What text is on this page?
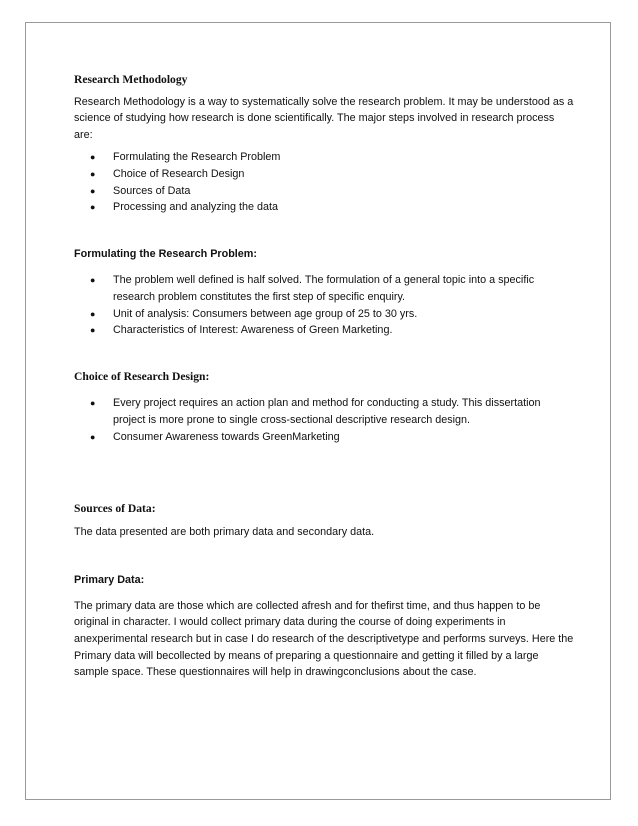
Research Methodology

Research Methodology is a way to systematically solve the research problem. It may be understood as a science of studying how research is done scientifically. The major steps involved in research process are:

● Formulating the Research Problem
● Choice of Research Design
● Sources of Data
● Processing and analyzing the data

Formulating the Research Problem:

● The problem well defined is half solved. The formulation of a general topic into a specific research problem constitutes the first step of specific enquiry.
● Unit of analysis: Consumers between age group of 25 to 30 yrs.
● Characteristics of Interest: Awareness of Green Marketing.

Choice of Research Design:

● Every project requires an action plan and method for conducting a study. This dissertation project is more prone to single cross-sectional descriptive research design.
● Consumer Awareness towards GreenMarketing

Sources of Data:

The data presented are both primary data and secondary data.

Primary Data:

The primary data are those which are collected afresh and for thefirst time, and thus happen to be original in character. I would collect primary data during the course of doing experiments in anexperimental research but in case I do research of the descriptivetype and performs surveys. Here the Primary data will becollected by means of preparing a questionnaire and getting it filled by a large sample space. These questionnaires will help in drawingconclusions about the case.
